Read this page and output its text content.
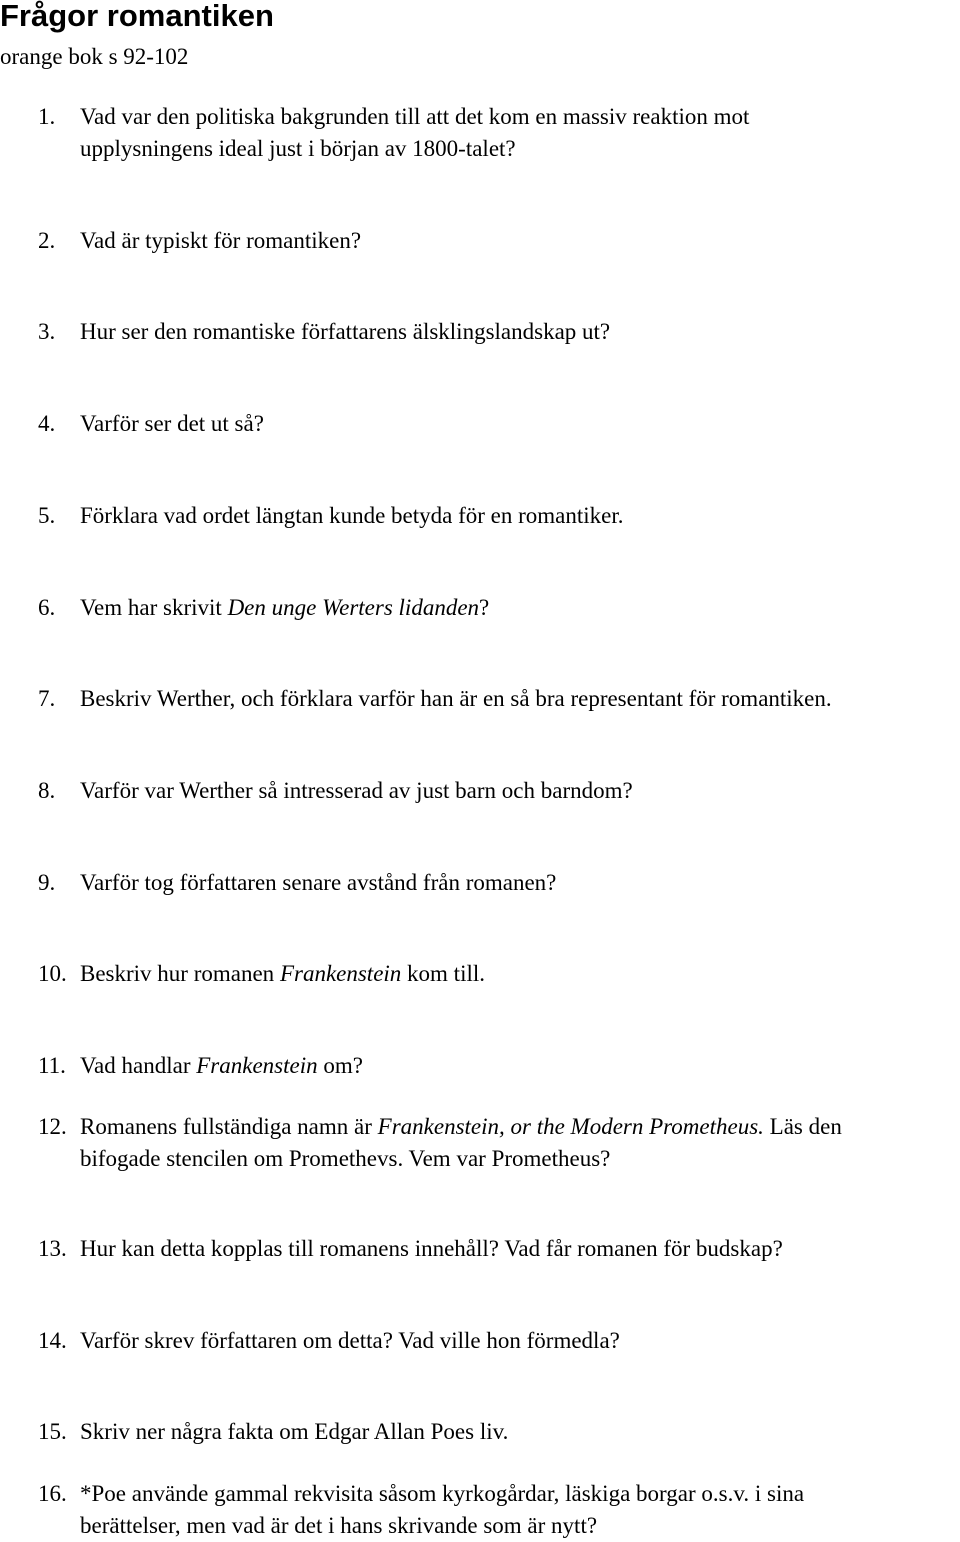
Frågor romantiken
orange bok s 92-102
1. Vad var den politiska bakgrunden till att det kom en massiv reaktion mot
upplysningens ideal just i början av 1800-talet?
2. Vad är typiskt för romantiken?
3. Hur ser den romantiske författarens älsklingslandskap ut?
4. Varför ser det ut så?
5. Förklara vad ordet längtan kunde betyda för en romantiker.
6. Vem har skrivit Den unge Werters lidanden?
7. Beskriv Werther, och förklara varför han är en så bra representant för romantiken.
8. Varför var Werther så intresserad av just barn och barndom?
9. Varför tog författaren senare avstånd från romanen?
10. Beskriv hur romanen Frankenstein kom till.
11. Vad handlar Frankenstein om?
12. Romanens fullständiga namn är Frankenstein, or the Modern Prometheus. Läs den
bifogade stencilen om Promethevs. Vem var Prometheus?
13. Hur kan detta kopplas till romanens innehåll? Vad får romanen för budskap?
14. Varför skrev författaren om detta? Vad ville hon förmedla?
15. Skriv ner några fakta om Edgar Allan Poes liv.
16. *Poe använde gammal rekvisita såsom kyrkogårdar, läskiga borgar o.s.v. i sina
berättelser, men vad är det i hans skrivande som är nytt?
